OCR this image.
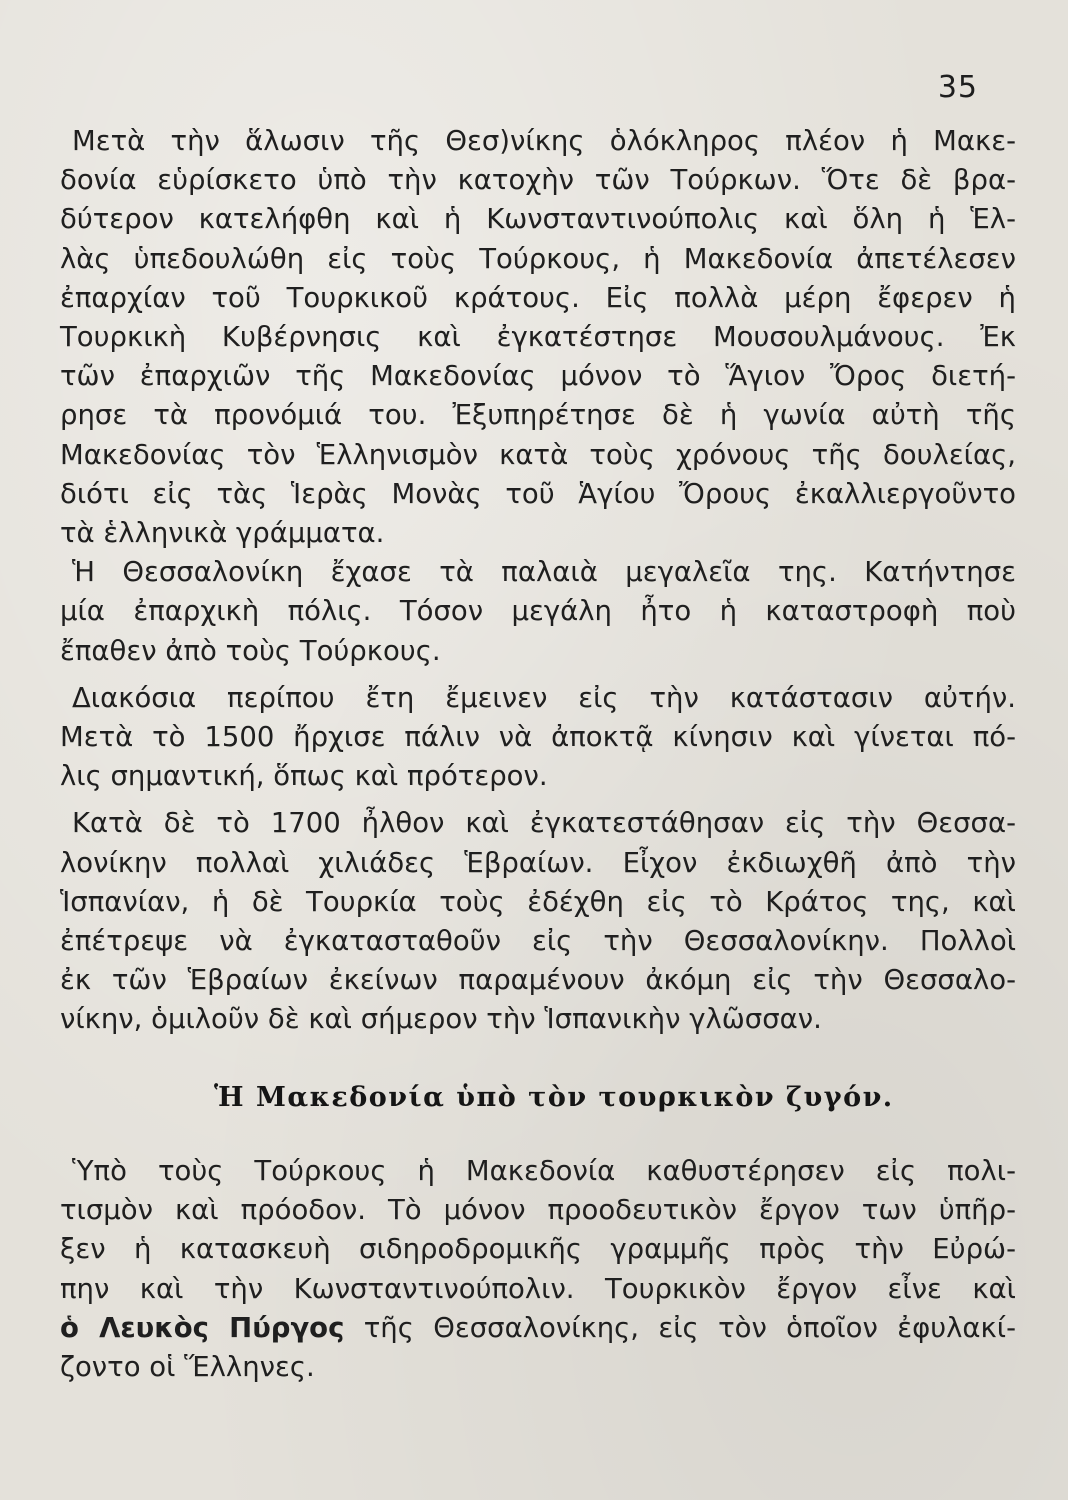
35

Μετὰ τὴν ἅλωσιν τῆς Θεσ)νίκης ὁλόκληρος πλέον ἡ Μακε-
δονία εὑρίσκετο ὑπὸ τὴν κατοχὴν τῶν Τούρκων. Ὅτε δὲ βρα-
δύτερον κατελήφθη καὶ ἡ Κωνσταντινούπολις καὶ ὅλη ἡ Ἑλ-
λὰς ὑπεδουλώθη εἰς τοὺς Τούρκους, ἡ Μακεδονία ἀπετέλεσεν
ἐπαρχίαν τοῦ Τουρκικοῦ κράτους. Εἰς πολλὰ μέρη ἔφερεν ἡ
Τουρκικὴ Κυβέρνησις καὶ ἐγκατέστησε Μουσουλμάνους. Ἐκ
τῶν ἐπαρχιῶν τῆς Μακεδονίας μόνον τὸ Ἅγιον Ὄρος διετή-
ρησε τὰ προνόμιά του. Ἐξυπηρέτησε δὲ ἡ γωνία αὐτὴ τῆς
Μακεδονίας τὸν Ἑλληνισμὸν κατὰ τοὺς χρόνους τῆς δουλείας,
διότι εἰς τὰς Ἱερὰς Μονὰς τοῦ Ἁγίου Ὄρους ἐκαλλιεργοῦντο
τὰ ἑλληνικὰ γράμματα.

Ἡ Θεσσαλονίκη ἔχασε τὰ παλαιὰ μεγαλεῖα της. Κατήντησε
μία ἐπαρχικὴ πόλις. Τόσον μεγάλη ἦτο ἡ καταστροφὴ ποὺ
ἔπαθεν ἀπὸ τοὺς Τούρκους.

Διακόσια περίπου ἔτη ἔμεινεν εἰς τὴν κατάστασιν αὐτήν.
Μετὰ τὸ 1500 ἤρχισε πάλιν νὰ ἀποκτᾷ κίνησιν καὶ γίνεται πό-
λις σημαντική, ὅπως καὶ πρότερον.

Κατὰ δὲ τὸ 1700 ἦλθον καὶ ἐγκατεστάθησαν εἰς τὴν Θεσσα-
λονίκην πολλαὶ χιλιάδες Ἑβραίων. Εἶχον ἐκδιωχθῆ ἀπὸ τὴν
Ἱσπανίαν, ἡ δὲ Τουρκία τοὺς ἐδέχθη εἰς τὸ Κράτος της, καὶ
ἐπέτρεψε νὰ ἐγκατασταθοῦν εἰς τὴν Θεσσαλονίκην. Πολλοὶ
ἐκ τῶν Ἑβραίων ἐκείνων παραμένουν ἀκόμη εἰς τὴν Θεσσαλο-
νίκην, ὁμιλοῦν δὲ καὶ σήμερον τὴν Ἱσπανικὴν γλῶσσαν.

Ἡ Μακεδονία ὑπὸ τὸν τουρκικὸν ζυγόν.

Ὑπὸ τοὺς Τούρκους ἡ Μακεδονία καθυστέρησεν εἰς πολι-
τισμὸν καὶ πρόοδον. Τὸ μόνον προοδευτικὸν ἔργον των ὑπῆρ-
ξεν ἡ κατασκευὴ σιδηροδρομικῆς γραμμῆς πρὸς τὴν Εὐρώ-
πην καὶ τὴν Κωνσταντινούπολιν. Τουρκικὸν ἔργον εἶνε καὶ
ὁ Λευκὸς Πύργος τῆς Θεσσαλονίκης, εἰς τὸν ὁποῖον ἐφυλακί-
ζοντο οἱ Ἕλληνες.
